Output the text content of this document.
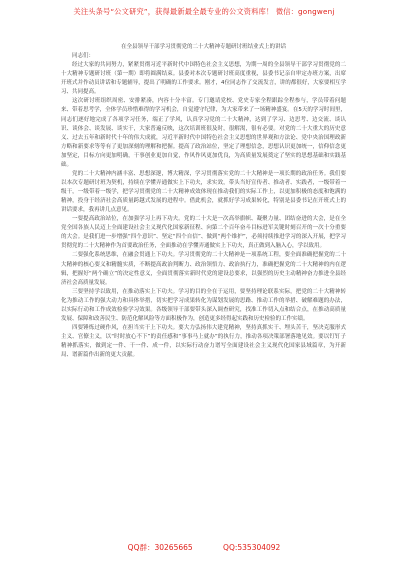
关注头条号“公文研究”，获得最新最全最专业的公文资料库！ 微信：gongwenj
在全县领导干部学习贯彻党的二十大精神专题研讨班结业式上的讲话

同志们：

经过大家的共同努力，紧紧贯彻习近平新时代中国特色社会主义思想，为期一周的全县领导干部学习贯彻党的二十大精神专题研讨班（第一期）即将圆满结束。县委对本次专题研讨班高度重视，县委书记亲自审定办班方案，出席开班式并作动员讲话和专题辅导，提出了明确的工作要求。刚才，4位同志作了交流发言，讲的都很好，大家要相互学习、共同提高。

这次研讨班组织周密、安排紧凑，内容十分丰富。专门邀请党校、党史专家全程跟踪全程参与，学员带着问题来、带着思考学，全体学员珍惜难得的学习机会，自觉遵守纪律，为大家带来了一场精神盛宴。在5天的学习时间里，同志们逐好地完成了各项学习任务，端正了学风，认真学习党的二十大精神，达到了学习、边思考、边交流、谈认识、谈体会、谈发展、谈实干，大家普遍反映，这次培训班很及时，很解渴，很有必要。对党的二十大重大的历史意义、过去五年和新时代十年的伟大成就，习近平新时代中国特色社会主义思想的世界观和方法论、党中央治国理政新方略和新要求等等有了更加深刻的理解和把握。提高了政治站位，坚定了理想信念，思想认识更加统一，信仰信念更加坚定，目标方向更加明确，干事创业更加自觉，作风作风更加优良，为高质量发展奠定了坚实的思想基础和实践基础。

党的二十大精神内涵丰富、思想深邃，博大精深，学习贯彻落实党的二十大精神是一项长期的政治任务。我们要以本次专题研讨班为契机，持续在学懂弄通做实上下功夫，求实效，带头当好宣传者、推动者、实践者，一级带着一级干，一级带着一级学，把学习贯彻党的二十大精神成效体现在推动我们的实际工作上，以更加积极的态度和饱满的精神，投身于经济社会高质量跨越式发展的进程中。借此机会，就抓好学习成果转化，特别是县委书记在开班式上的讲话要求，我再讲几点意见。

一要提高政治站位，在加强学习上再下功夫。党的二十大是一次高举旗帜、凝聚力量、团结奋进的大会，是在全党全国各族人民迈上全面建设社会主义现代化国家新征程、向第二个百年奋斗目标进军关键时刻召开的一次十分重要的大会。是我们进一步增强“四个意识”、坚定“四个自信”、做到“两个维护”，必须持续推进学习的深入开展，把学习贯彻党的二十大精神作为首要政治任务，全面推动在学懂弄通做实上下功夫，真正做到入脑入心，学以致用。

二要强化系统思维，在融会贯通上下功夫。学习贯彻党的二十大精神是一项系统工程，要全面准确把握党的二十大精神的核心要义和精髓实质，不断提高政治判断力、政治领悟力、政治执行力，准确把握党的二十大精神的内在逻辑，把握好“两个确立”的决定性意义，全面贯彻落实新时代党的建设总要求，以强烈的历史主动精神奋力推进全县经济社会高质量发展。

三要坚持学以致用，在推动落实上下功夫。学习的目的全在于运用，要坚持理论联系实际，把党的二十大精神转化为推动工作的强大动力和具体举措，切实把学习成果转化为谋划发展的思路、推动工作的举措、破解难题的办法，以实际行动和工作成效检验学习效果。各级领导干部要带头深入调查研究，找准工作切入点和结合点，在推动高质量发展、保障和改善民生、防范化解风险等方面积极作为，创造更多经得起实践和历史检验的工作实绩。

四要锤炼过硬作风，在担当实干上下功夫。要大力弘扬伟大建党精神，坚持真抓实干、埋头苦干，坚决克服形式主义、官僚主义，以“时时放心不下”的责任感和“事事马上就办”的执行力，推动各项决策部署落地见效。要以钉钉子精神抓落实，做到定一件、干一件、成一件，以实际行动奋力谱写全面建设社会主义现代化国家县域篇章，为开新局、谱新篇作出新的更大贡献。

QQ群：30265665	QQ:535304092
